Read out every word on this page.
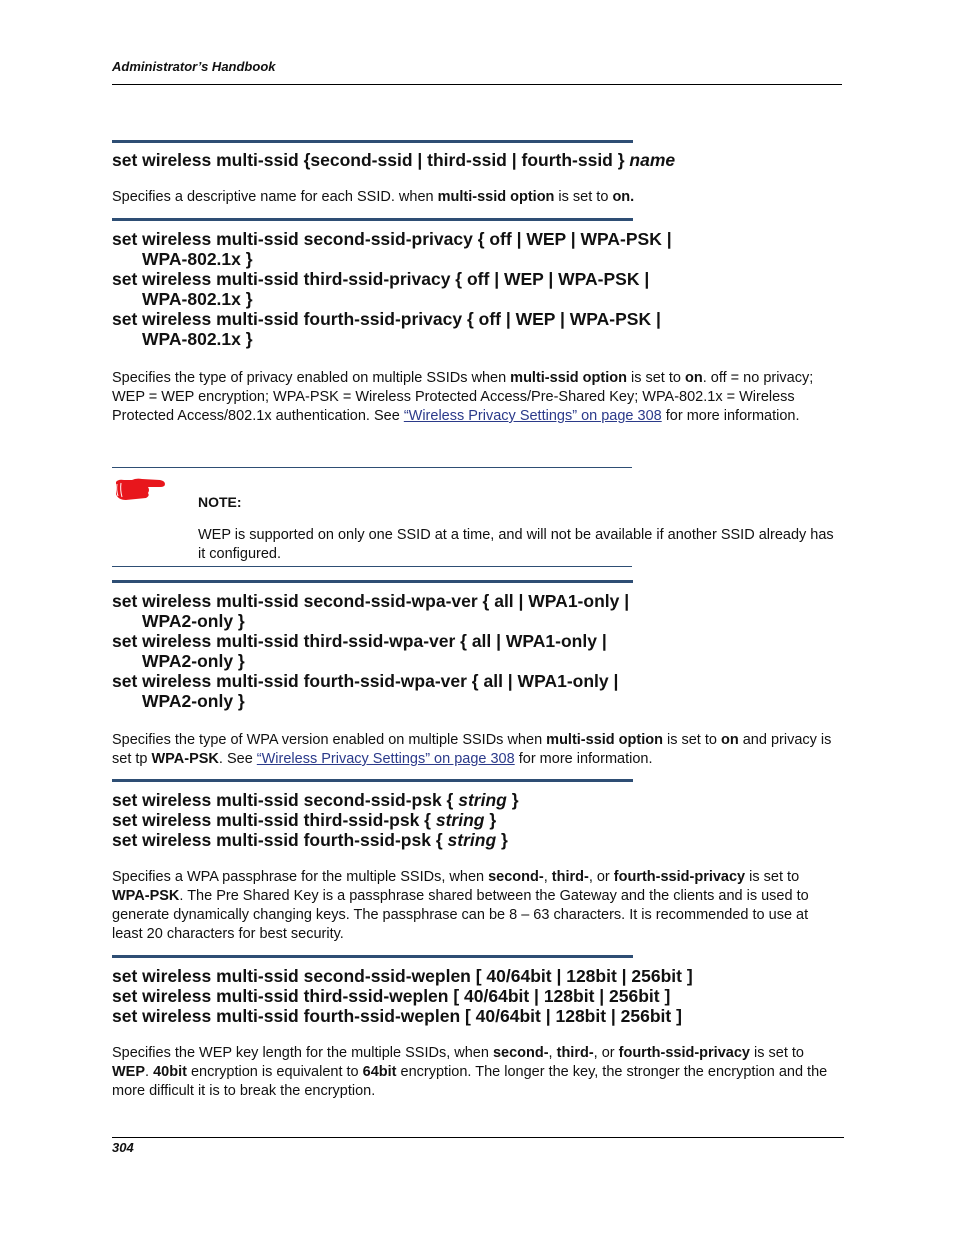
Administrator’s Handbook
set wireless multi-ssid {second-ssid | third-ssid | fourth-ssid } name
Specifies a descriptive name for each SSID. when multi-ssid option is set to on.
set wireless multi-ssid second-ssid-privacy { off | WEP | WPA-PSK |
WPA-802.1x }
set wireless multi-ssid third-ssid-privacy { off | WEP | WPA-PSK |
WPA-802.1x }
set wireless multi-ssid fourth-ssid-privacy { off | WEP | WPA-PSK |
WPA-802.1x }
Specifies the type of privacy enabled on multiple SSIDs when multi-ssid option is set to on. off = no privacy; WEP = WEP encryption; WPA-PSK = Wireless Protected Access/Pre-Shared Key; WPA-802.1x = Wireless Protected Access/802.1x authentication. See “Wireless Privacy Settings” on page 308 for more information.
NOTE:
WEP is supported on only one SSID at a time, and will not be available if another SSID already has it configured.
set wireless multi-ssid second-ssid-wpa-ver { all | WPA1-only |
WPA2-only }
set wireless multi-ssid third-ssid-wpa-ver { all | WPA1-only |
WPA2-only }
set wireless multi-ssid fourth-ssid-wpa-ver { all | WPA1-only |
WPA2-only }
Specifies the type of WPA version enabled on multiple SSIDs when multi-ssid option is set to on and privacy is set tp WPA-PSK. See “Wireless Privacy Settings” on page 308 for more information.
set wireless multi-ssid second-ssid-psk { string }
set wireless multi-ssid third-ssid-psk { string }
set wireless multi-ssid fourth-ssid-psk { string }
Specifies a WPA passphrase for the multiple SSIDs, when second-, third-, or fourth-ssid-privacy is set to WPA-PSK. The Pre Shared Key is a passphrase shared between the Gateway and the clients and is used to generate dynamically changing keys. The passphrase can be 8 – 63 characters. It is recommended to use at least 20 characters for best security.
set wireless multi-ssid second-ssid-weplen [ 40/64bit | 128bit | 256bit ]
set wireless multi-ssid third-ssid-weplen [ 40/64bit | 128bit | 256bit ]
set wireless multi-ssid fourth-ssid-weplen [ 40/64bit | 128bit | 256bit ]
Specifies the WEP key length for the multiple SSIDs, when second-, third-, or fourth-ssid-privacy is set to WEP. 40bit encryption is equivalent to 64bit encryption. The longer the key, the stronger the encryption and the more difficult it is to break the encryption.
304
